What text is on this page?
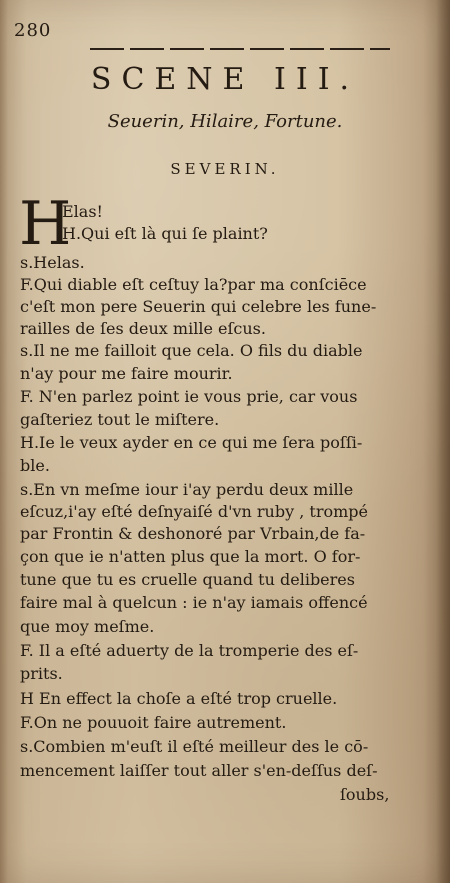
280
SCENE III.
Seuerin, Hilaire, Fortune.
SEVERIN.
H
Elas!
H.Qui eſt là qui ſe plaint?
s.Helas.
F.Qui diable eſt ceſtuy la?par ma conſciēce
c'eſt mon pere Seuerin qui celebre les fune-
railles de ſes deux mille eſcus.
s.Il ne me failloit que cela. O fils du diable
n'ay pour me faire mourir.
F. N'en parlez point ie vous prie, car vous
gaſteriez tout le miſtere.
H.Ie le veux ayder en ce qui me ſera poſſi-
ble.
s.En vn meſme iour i'ay perdu deux mille
eſcuz,i'ay eſté deſnyaiſé d'vn ruby , trompé
par Frontin & deshonoré par Vrbain,de fa-
çon que ie n'atten plus que la mort. O for-
tune que tu es cruelle quand tu deliberes
faire mal à quelcun : ie n'ay iamais offencé
que moy meſme.
F. Il a eſté aduerty de la tromperie des eſ-
prits.
H En effect la choſe a eſté trop cruelle.
F.On ne pouuoit faire autrement.
s.Combien m'euſt il eſté meilleur des le cō-
mencement laiſſer tout aller s'en-deſſus deſ-
ſoubs,
